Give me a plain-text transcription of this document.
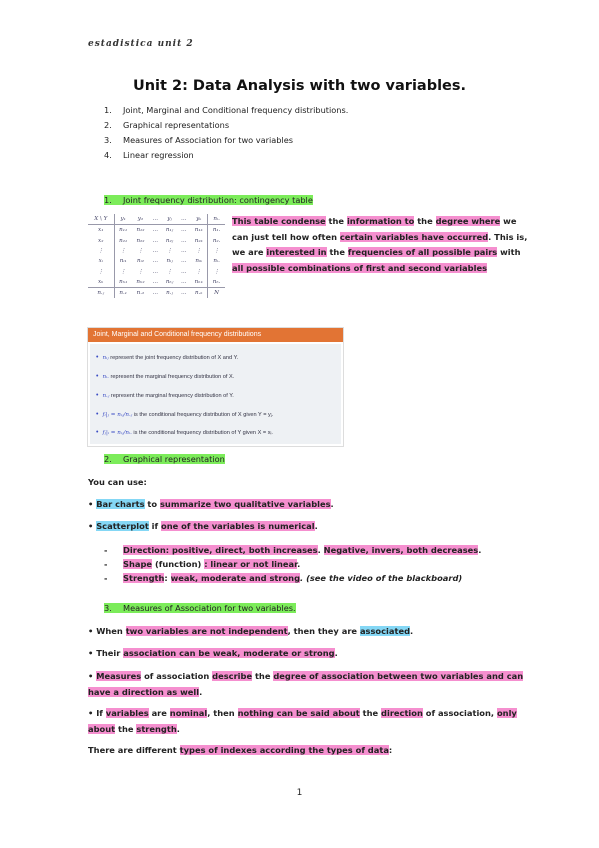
estadistica unit 2
Unit 2: Data Analysis with two variables.
1. Joint, Marginal and Conditional frequency distributions.
2. Graphical representations
3. Measures of Association for two variables
4. Linear regression
1. Joint frequency distribution: contingency table
X \ Y	y₁	y₂	…	yⱼ	…	yₖ	nᵢ.
x₁	n₁₁	n₁₂	…	n₁ⱼ	…	n₁ₖ	n₁.
x₂	n₂₁	n₂₂	…	n₂ⱼ	…	n₂ₖ	n₂.
⋮	⋮	⋮	…	⋮	…	⋮	⋮
xᵢ	nᵢ₁	nᵢ₂	…	nᵢⱼ	…	nᵢₖ	nᵢ.
⋮	⋮	⋮	…	⋮	…	⋮	⋮
xₕ	nₕ₁	nₕ₂	…	nₕⱼ	…	nₕₖ	nₕ.
n.ⱼ	n.₁	n.₂	…	n.ⱼ	…	n.ₖ	N
This table condense the information to the degree where we
can just tell how often certain variables have occurred. This is,
we are interested in the frequencies of all possible pairs with
all possible combinations of first and second variables
Joint, Marginal and Conditional frequency distributions
• nᵢⱼ represent the joint frequency distribution of X and Y.
• nᵢ. represent the marginal frequency distribution of X.
• n.ⱼ represent the marginal frequency distribution of Y.
• fᵢ|ⱼ = nᵢⱼ/n.ⱼ is the conditional frequency distribution of X given Y = yⱼ.
• fⱼ|ᵢ = nᵢⱼ/nᵢ. is the conditional frequency distribution of Y given X = xᵢ.
2. Graphical representation
You can use:
• Bar charts to summarize two qualitative variables.
• Scatterplot if one of the variables is numerical.
- Direction: positive, direct, both increases. Negative, invers, both decreases.
- Shape (function) : linear or not linear.
- Strength: weak, moderate and strong. (see the video of the blackboard)
3. Measures of Association for two variables.
• When two variables are not independent, then they are associated.
• Their association can be weak, moderate or strong.
• Measures of association describe the degree of association between two variables and can
have a direction as well.
• If variables are nominal, then nothing can be said about the direction of association, only
about the strength.
There are different types of indexes according the types of data:
1
